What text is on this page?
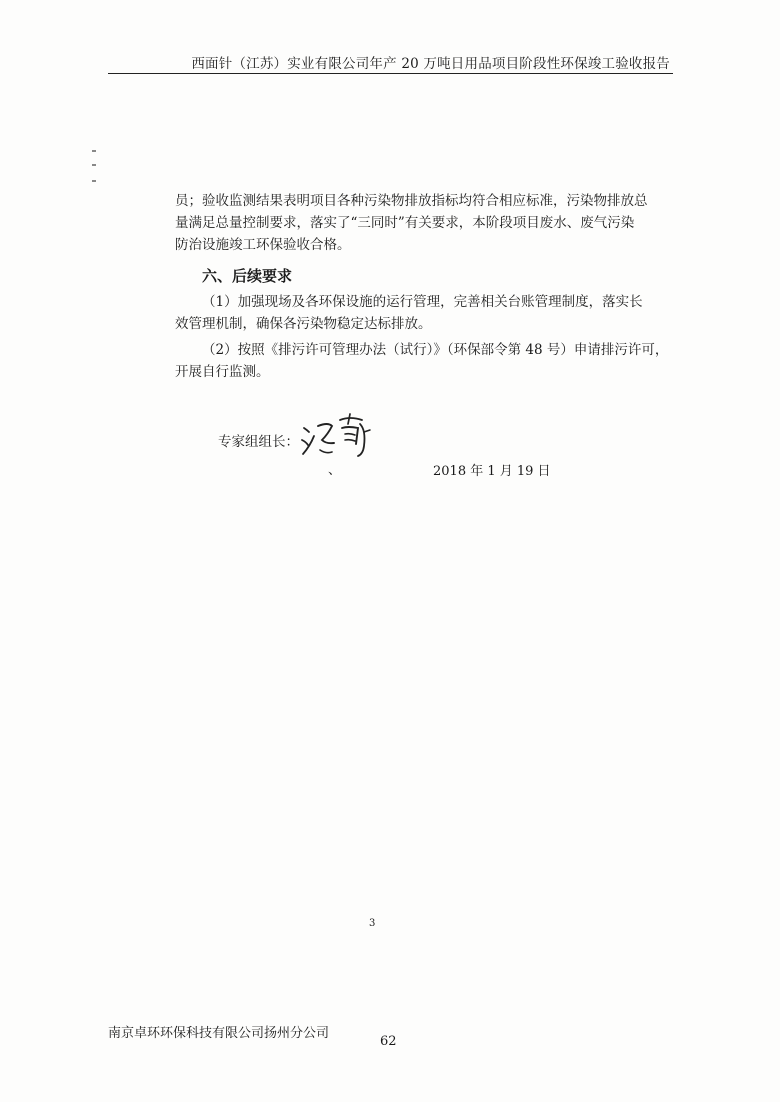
西面针（江苏）实业有限公司年产 20 万吨日用品项目阶段性环保竣工验收报告

员；验收监测结果表明项目各种污染物排放指标均符合相应标准，污染物排放总

量满足总量控制要求，落实了“三同时”有关要求，本阶段项目废水、废气污染

防治设施竣工环保验收合格。

六、后续要求
（1）加强现场及各环保设施的运行管理，完善相关台账管理制度，落实长
效管理机制，确保各污染物稳定达标排放。
（2）按照《排污许可管理办法（试行）》（环保部令第 48 号）申请排污许可，
开展自行监测。
专家组组长：
、	2018 年 1 月 19 日
3
南京卓环环保科技有限公司扬州分公司
62
